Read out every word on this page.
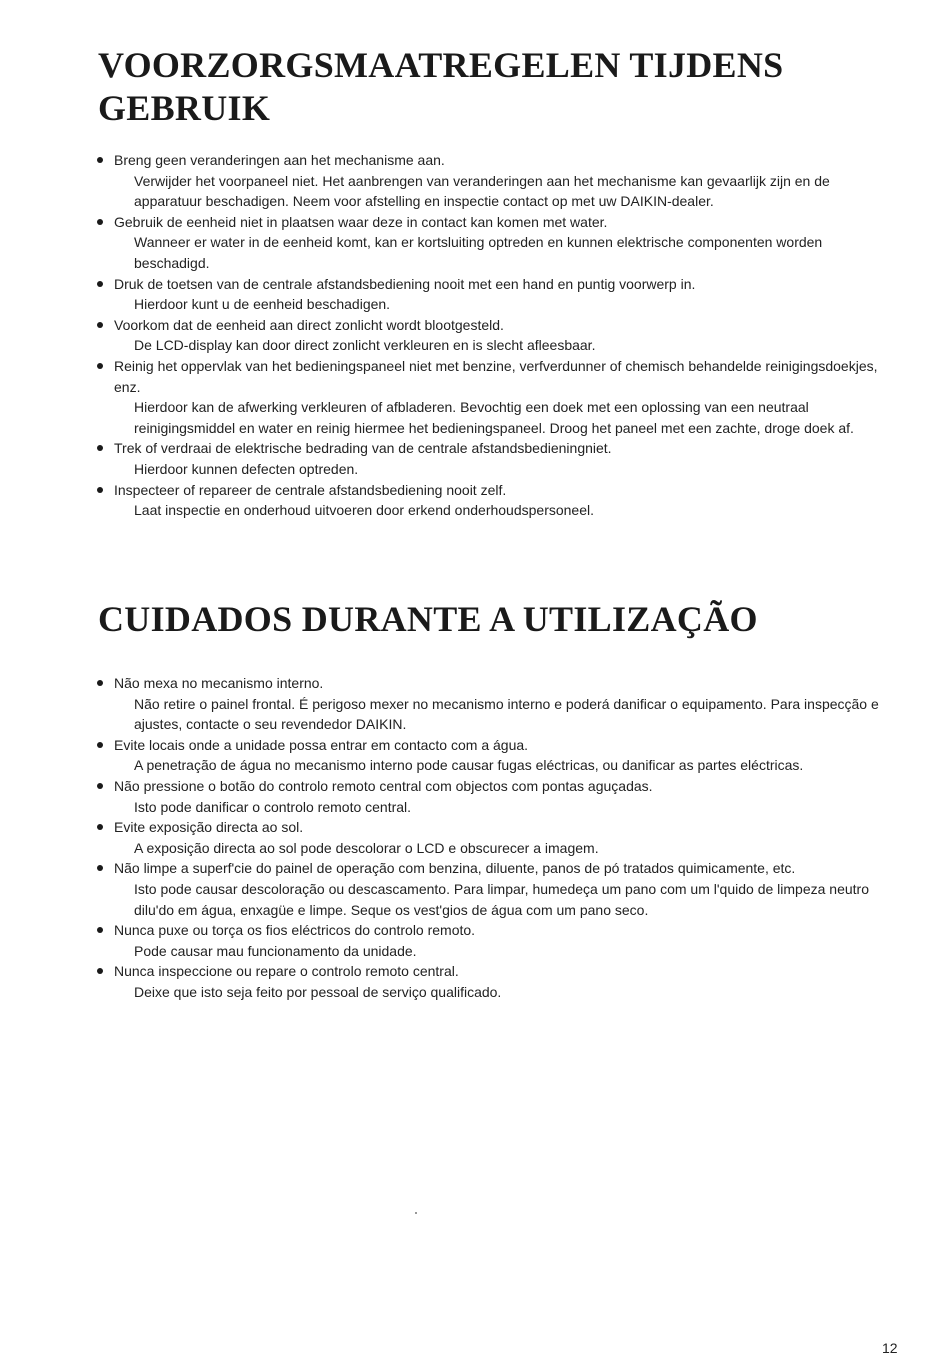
VOORZORGSMAATREGELEN TIJDENS GEBRUIK

Breng geen veranderingen aan het mechanisme aan.

Verwijder het voorpaneel niet. Het aanbrengen van veranderingen aan het mechanisme kan gevaarlijk zijn en de apparatuur beschadigen. Neem voor afstelling en inspectie contact op met uw DAIKIN-dealer.

Gebruik de eenheid niet in plaatsen waar deze in contact kan komen met water.

Wanneer er water in de eenheid komt, kan er kortsluiting optreden en kunnen elektrische componenten worden beschadigd.

Druk de toetsen van de centrale afstandsbediening nooit met een hand en puntig voorwerp in.

Hierdoor kunt u de eenheid beschadigen.

Voorkom dat de eenheid aan direct zonlicht wordt blootgesteld.

De LCD-display kan door direct zonlicht verkleuren en is slecht afleesbaar.

Reinig het oppervlak van het bedieningspaneel niet met benzine, verfverdunner of chemisch behandelde reinigingsdoekjes, enz.

Hierdoor kan de afwerking verkleuren of afbladeren. Bevochtig een doek met een oplossing van een neutraal reinigingsmiddel en water en reinig hiermee het bedieningspaneel. Droog het paneel met een zachte, droge doek af.

Trek of verdraai de elektrische bedrading van de centrale afstandsbedieningniet.

Hierdoor kunnen defecten optreden.

Inspecteer of repareer de centrale afstandsbediening nooit zelf.

Laat inspectie en onderhoud uitvoeren door erkend onderhoudspersoneel.

CUIDADOS DURANTE A UTILIZAÇÃO

Não mexa no mecanismo interno.

Não retire o painel frontal. É perigoso mexer no mecanismo interno e poderá danificar o equipamento. Para inspecção e ajustes, contacte o seu revendedor DAIKIN.

Evite locais onde a unidade possa entrar em contacto com a água.

A penetração de água no mecanismo interno pode causar fugas eléctricas, ou danificar as partes eléctricas.

Não pressione o botão do controlo remoto central com objectos com pontas aguçadas.

Isto pode danificar o controlo remoto central.

Evite exposição directa ao sol.

A exposição directa ao sol pode descolorar o LCD e obscurecer a imagem.

Não limpe a superf'cie do painel de operação com benzina, diluente, panos de pó tratados quimicamente, etc.

Isto pode causar descoloração ou descascamento. Para limpar, humedeça um pano com um l'quido de limpeza neutro dilu'do em água, enxagüe e limpe. Seque os vest'gios de água com um pano seco.

Nunca puxe ou torça os fios eléctricos do controlo remoto.

Pode causar mau funcionamento da unidade.

Nunca inspeccione ou repare o controlo remoto central.

Deixe que isto seja feito por pessoal de serviço qualificado.

12
